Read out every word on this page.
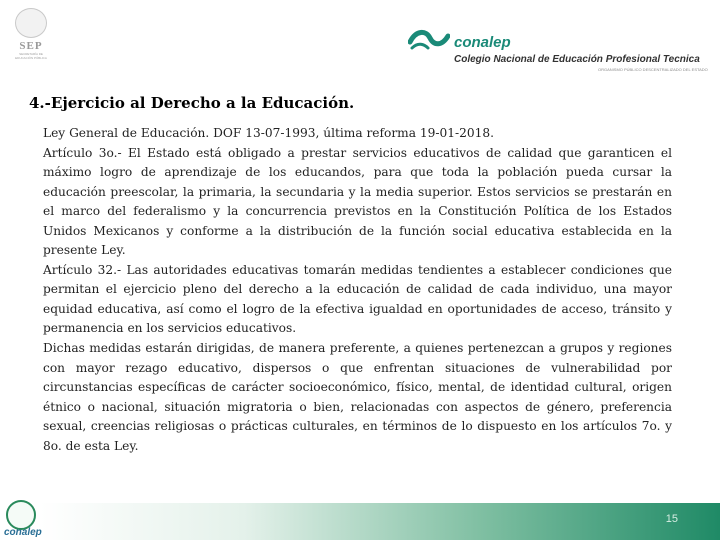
SEP
SECRETARÍA DE EDUCACIÓN PÚBLICA
conalep
Colegio Nacional de Educación Profesional Tecnica
ORGANISMO PÚBLICO DESCENTRALIZADO DEL ESTADO
4.-Ejercicio al Derecho a la Educación.

Ley General de Educación. DOF 13-07-1993, última reforma 19-01-2018.

Artículo 3o.- El Estado está obligado a prestar servicios educativos de calidad que garanticen el máximo logro de aprendizaje de los educandos, para que toda la población pueda cursar la educación preescolar, la primaria, la secundaria y la media superior. Estos servicios se prestarán en el marco del federalismo y la concurrencia previstos en la Constitución Política de los Estados Unidos Mexicanos y conforme a la distribución de la función social educativa establecida en la presente Ley.

Artículo 32.- Las autoridades educativas tomarán medidas tendientes a establecer condiciones que permitan el ejercicio pleno del derecho a la educación de calidad de cada individuo, una mayor equidad educativa, así como el logro de la efectiva igualdad en oportunidades de acceso, tránsito y permanencia en los servicios educativos.

Dichas medidas estarán dirigidas, de manera preferente, a quienes pertenezcan a grupos y regiones con mayor rezago educativo, dispersos o que enfrentan situaciones de vulnerabilidad por circunstancias específicas de carácter socioeconómico, físico, mental, de identidad cultural, origen étnico o nacional, situación migratoria o bien, relacionadas con aspectos de género, preferencia sexual, creencias religiosas o prácticas culturales, en términos de lo dispuesto en los artículos 7o. y 8o. de esta Ley.

15
conalep
